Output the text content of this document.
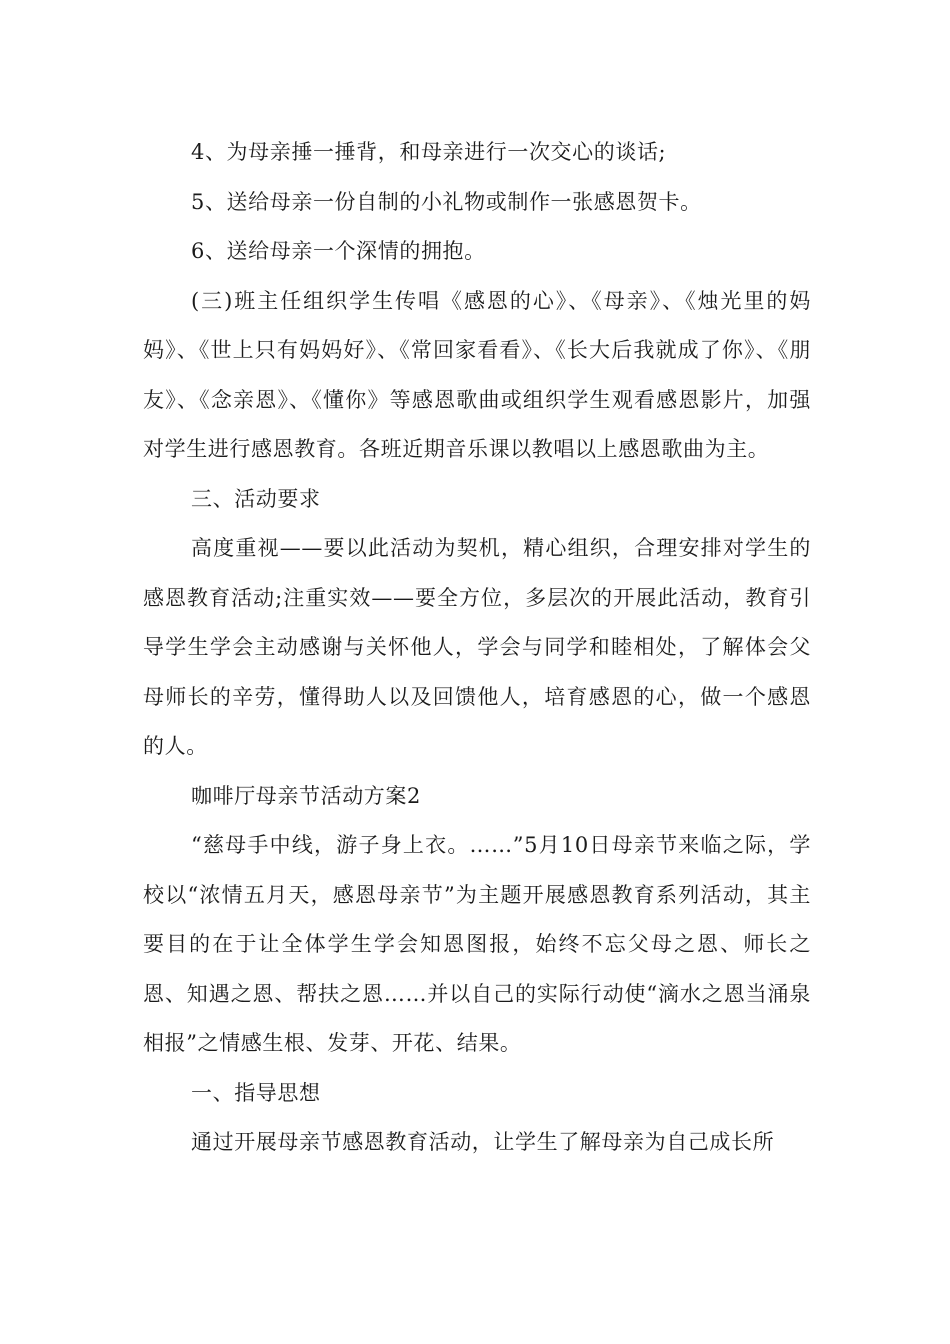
4、为母亲捶一捶背，和母亲进行一次交心的谈话;

5、送给母亲一份自制的小礼物或制作一张感恩贺卡。

6、送给母亲一个深情的拥抱。

(三)班主任组织学生传唱《感恩的心》、《母亲》、《烛光里的妈妈》、《世上只有妈妈好》、《常回家看看》、《长大后我就成了你》、《朋友》、《念亲恩》、《懂你》等感恩歌曲或组织学生观看感恩影片，加强对学生进行感恩教育。各班近期音乐课以教唱以上感恩歌曲为主。

三、活动要求

高度重视——要以此活动为契机，精心组织，合理安排对学生的感恩教育活动;注重实效——要全方位，多层次的开展此活动，教育引导学生学会主动感谢与关怀他人，学会与同学和睦相处，了解体会父母师长的辛劳，懂得助人以及回馈他人，培育感恩的心，做一个感恩的人。

咖啡厅母亲节活动方案2

“慈母手中线，游子身上衣。……”5月10日母亲节来临之际，学校以“浓情五月天，感恩母亲节”为主题开展感恩教育系列活动，其主要目的在于让全体学生学会知恩图报，始终不忘父母之恩、师长之恩、知遇之恩、帮扶之恩……并以自己的实际行动使“滴水之恩当涌泉相报”之情感生根、发芽、开花、结果。

一、指导思想

通过开展母亲节感恩教育活动，让学生了解母亲为自己成长所
